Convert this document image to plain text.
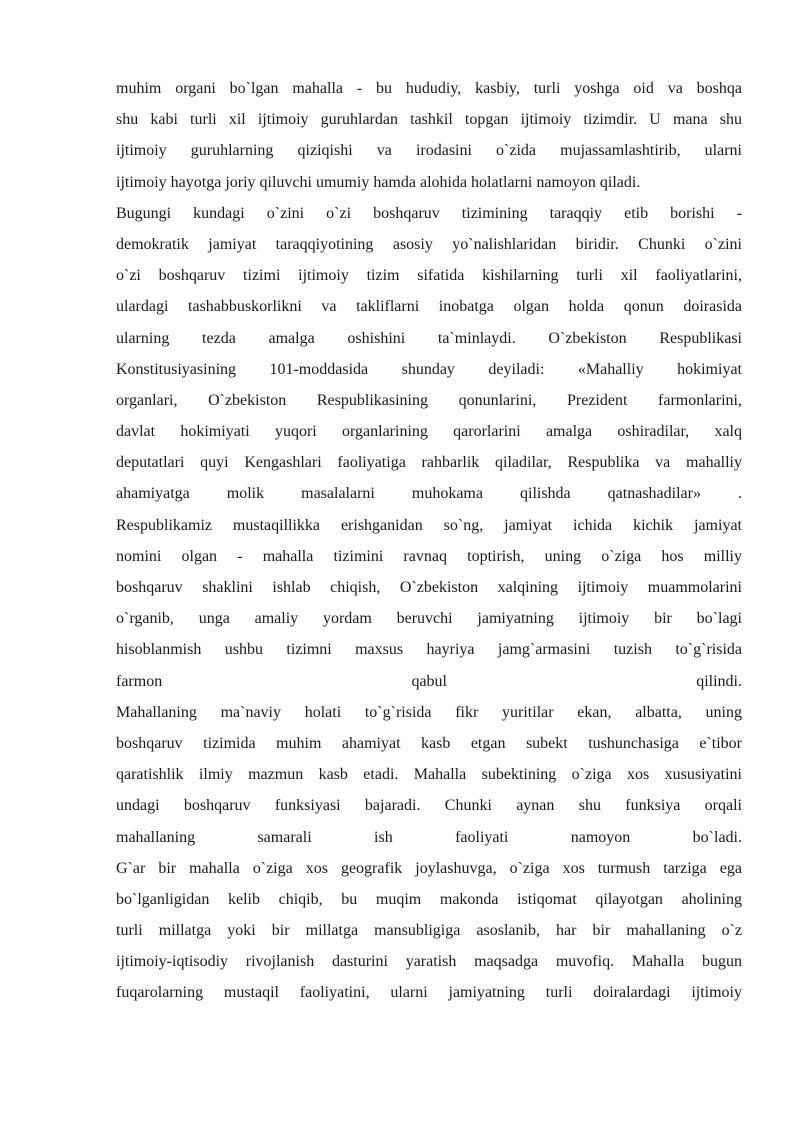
muhim organi bo`lgan mahalla - bu hududiy, kasbiy, turli yoshga oid va boshqa
shu kabi turli xil ijtimoiy guruhlardan tashkil topgan ijtimoiy tizimdir. U mana shu
ijtimoiy guruhlarning qiziqishi va irodasini o`zida mujassamlashtirib, ularni
ijtimoiy hayotga joriy qiluvchi umumiy hamda alohida holatlarni namoyon qiladi.
Bugungi kundagi o`zini o`zi boshqaruv tizimining taraqqiy etib borishi -
demokratik jamiyat taraqqiyotining asosiy yo`nalishlaridan biridir. Chunki o`zini
o`zi boshqaruv tizimi ijtimoiy tizim sifatida kishilarning turli xil faoliyatlarini,
ulardagi tashabbuskorlikni va takliflarni inobatga olgan holda qonun doirasida
ularning tezda amalga oshishini ta`minlaydi. O`zbekiston Respublikasi
Konstitusiyasining 101-moddasida shunday deyiladi: «Mahalliy hokimiyat
organlari, O`zbekiston Respublikasining qonunlarini, Prezident farmonlarini,
davlat hokimiyati yuqori organlarining qarorlarini amalga oshiradilar, xalq
deputatlari quyi Kengashlari faoliyatiga rahbarlik qiladilar, Respublika va mahalliy
ahamiyatga molik masalalarni muhokama qilishda qatnashadilar» .
Respublikamiz mustaqillikka erishganidan so`ng, jamiyat ichida kichik jamiyat
nomini olgan - mahalla tizimini ravnaq toptirish, uning o`ziga hos milliy
boshqaruv shaklini ishlab chiqish, O`zbekiston xalqining ijtimoiy muammolarini
o`rganib, unga amaliy yordam beruvchi jamiyatning ijtimoiy bir bo`lagi
hisoblanmish ushbu tizimni maxsus hayriya jamg`armasini tuzish to`g`risida
farmon qabul qilindi.
Mahallaning ma`naviy holati to`g`risida fikr yuritilar ekan, albatta, uning
boshqaruv tizimida muhim ahamiyat kasb etgan subekt tushunchasiga e`tibor
qaratishlik ilmiy mazmun kasb etadi. Mahalla subektining o`ziga xos xususiyatini
undagi boshqaruv funksiyasi bajaradi. Chunki aynan shu funksiya orqali
mahallaning samarali ish faoliyati namoyon bo`ladi.
G`ar bir mahalla o`ziga xos geografik joylashuvga, o`ziga xos turmush tarziga ega
bo`lganligidan kelib chiqib, bu muqim makonda istiqomat qilayotgan aholining
turli millatga yoki bir millatga mansubligiga asoslanib, har bir mahallaning o`z
ijtimoiy-iqtisodiy rivojlanish dasturini yaratish maqsadga muvofiq. Mahalla bugun
fuqarolarning mustaqil faoliyatini, ularni jamiyatning turli doiralardagi ijtimoiy
